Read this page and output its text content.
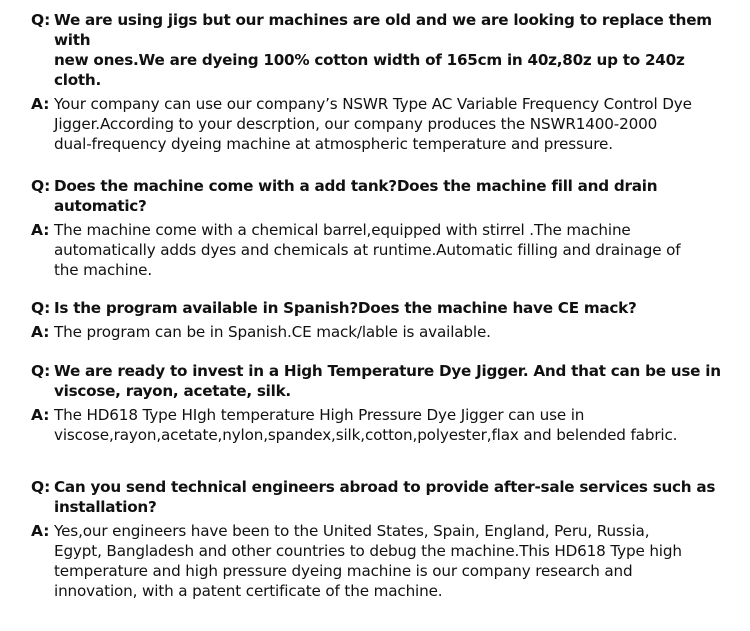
Q: We are using jigs but our machines are old and we are looking to replace them with
new ones.We are dyeing 100% cotton width of 165cm in 40z,80z up to 240z cloth.
A: Your company can use our company’s NSWR Type AC Variable Frequency Control Dye
Jigger.According to your descrption, our company produces the NSWR1400-2000
dual-frequency dyeing machine at atmospheric temperature and pressure.
Q: Does the machine come with a add tank?Does the machine fill and drain automatic?
A: The machine come with a chemical barrel,equipped with stirrel .The machine
automatically adds dyes and chemicals at runtime.Automatic filling and drainage of
the machine.
Q: Is the program available in Spanish?Does the machine have CE mack?
A: The program can be in Spanish.CE mack/lable is available.
Q: We are ready to invest in a High Temperature Dye Jigger. And that can be use in
viscose, rayon, acetate, silk.
A: The HD618 Type HIgh temperature High Pressure Dye Jigger can use in
viscose,rayon,acetate,nylon,spandex,silk,cotton,polyester,flax and belended fabric.
Q: Can you send technical engineers abroad to provide after-sale services such as
installation?
A: Yes,our engineers have been to the United States, Spain, England, Peru, Russia,
Egypt, Bangladesh and other countries to debug the machine.This HD618 Type high
temperature and high pressure dyeing machine is our company research and
innovation, with a patent certificate of the machine.
